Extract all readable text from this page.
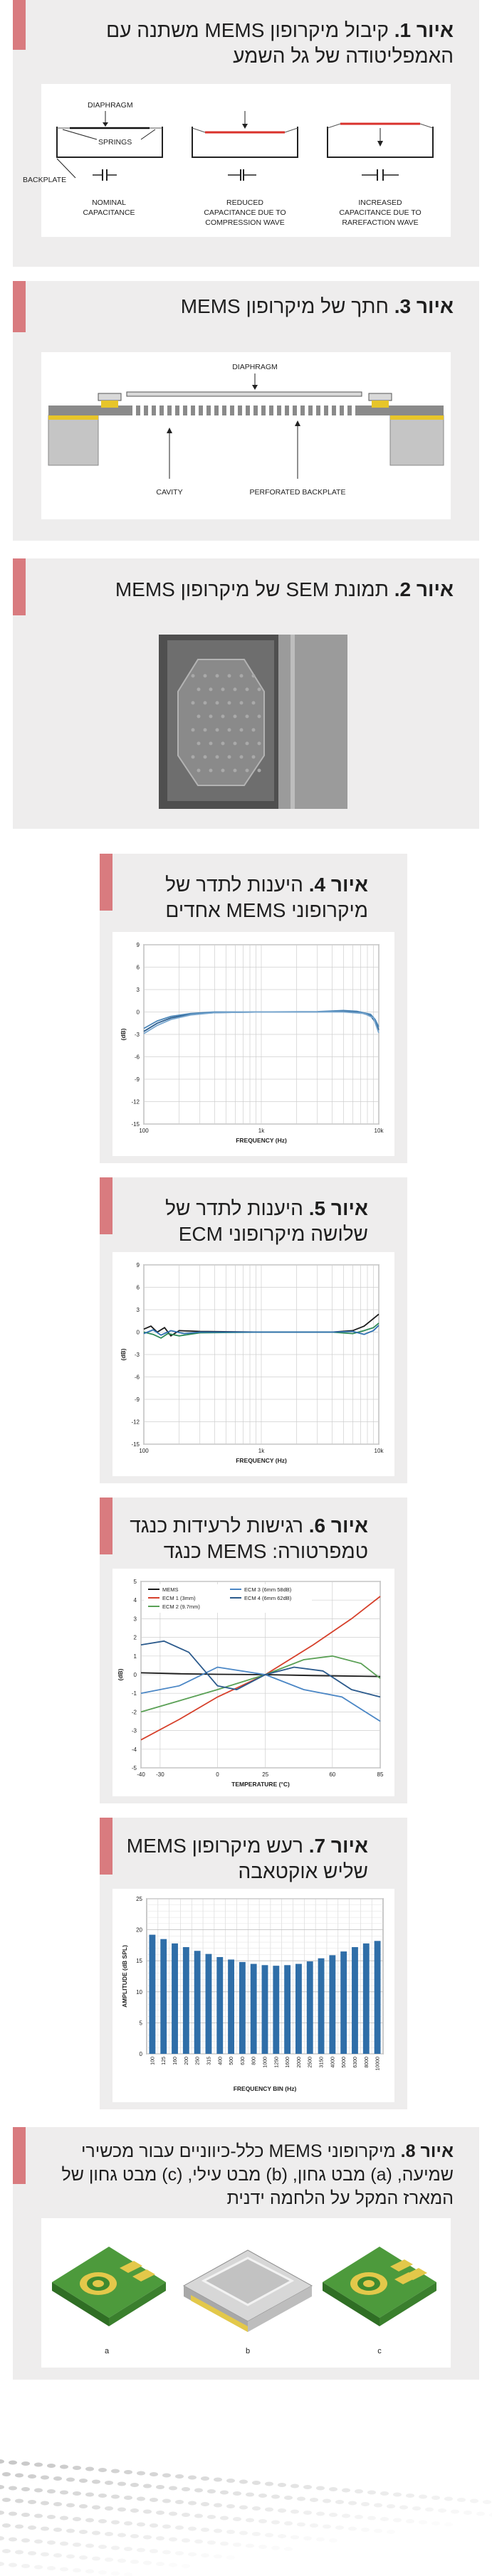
איור 1. קיבול מיקרופון MEMS משתנה עם האמפליטודה של גל השמע
DIAPHRAGM
SPRINGS
BACKPLATE
NOMINAL
CAPACITANCE
REDUCED
CAPACITANCE DUE TO
COMPRESSION WAVE
INCREASED
CAPACITANCE DUE TO
RAREFACTION WAVE
איור 3. חתך של מיקרופון MEMS
DIAPHRAGM
CAVITY	PERFORATED BACKPLATE
איור 2. תמונת SEM של מיקרופון MEMS
איור 4. היענות לתדר של מיקרופוני MEMS אחדים
-15
-12
-9
-6
-3
0
3
6
9
100	1k	10k
FREQUENCY (Hz)
(dB)
איור 5. היענות לתדר של שלושה מיקרופוני ECM
-15
-12
-9
-6
-3
0
3
6
9
100	1k	10k
FREQUENCY (Hz)
(dB)
איור 6. רגישות לרעידות כנגד טמפרטורה: MEMS כנגד
-5
-4
-3
-2
-1
0
1
2
3
4
5
-40 -30	0	25	60	85
TEMPERATURE (°C)
(dB)
MEMS
ECM 1 (3mm)
ECM 2 (9.7mm)
ECM 3 (6mm 58dB)
ECM 4 (6mm 62dB)
איור 7. רעש מיקרופון MEMS שליש אוקטאבה
0
5
10
15
20
25
100 125 160 200 250 315 400 500 630 800 1000 1250 1600 2000 2500 3150 4000 5000 6300 8000 10000
FREQUENCY BIN (Hz)
AMPLITUDE (dB SPL)
איור 8. מיקרופוני MEMS כלל-כיווניים עבור מכשירי שמיעה, (a) מבט גחון, (b) מבט עילי, (c) מבט גחון של המארז המקל על הלחמה ידנית
a	b	c
